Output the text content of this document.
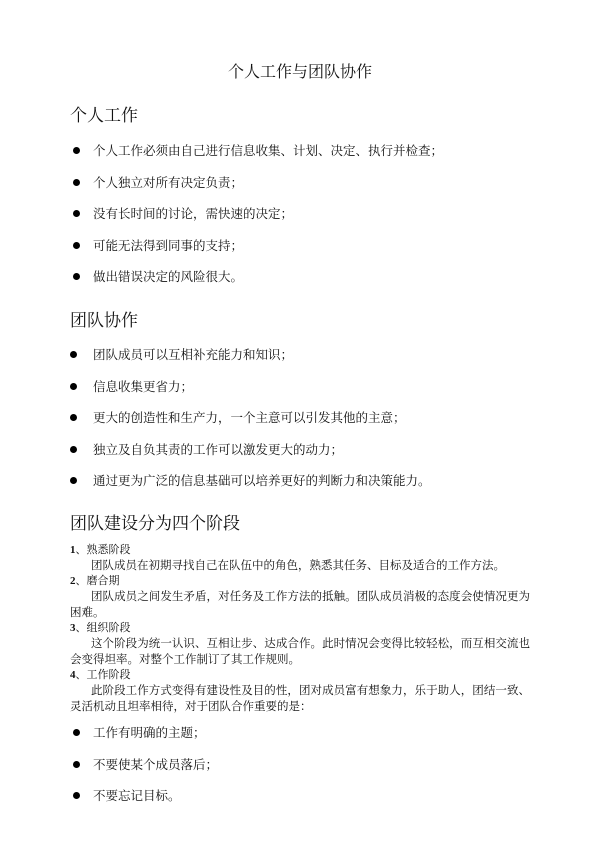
个人工作与团队协作
个人工作
个人工作必须由自己进行信息收集、计划、决定、执行并检查；
个人独立对所有决定负责；
没有长时间的讨论，需快速的决定；
可能无法得到同事的支持；
做出错误决定的风险很大。
团队协作
团队成员可以互相补充能力和知识；
信息收集更省力；
更大的创造性和生产力，一个主意可以引发其他的主意；
独立及自负其责的工作可以激发更大的动力；
通过更为广泛的信息基础可以培养更好的判断力和决策能力。
团队建设分为四个阶段
1、熟悉阶段
团队成员在初期寻找自己在队伍中的角色，熟悉其任务、目标及适合的工作方法。
2、磨合期
团队成员之间发生矛盾，对任务及工作方法的抵触。团队成员消极的态度会使情况更为困难。
3、组织阶段
这个阶段为统一认识、互相让步、达成合作。此时情况会变得比较轻松，而互相交流也会变得坦率。对整个工作制订了其工作规则。
4、工作阶段
此阶段工作方式变得有建设性及目的性，团对成员富有想象力，乐于助人，团结一致、灵活机动且坦率相待，对于团队合作重要的是：
工作有明确的主题；
不要使某个成员落后；
不要忘记目标。
